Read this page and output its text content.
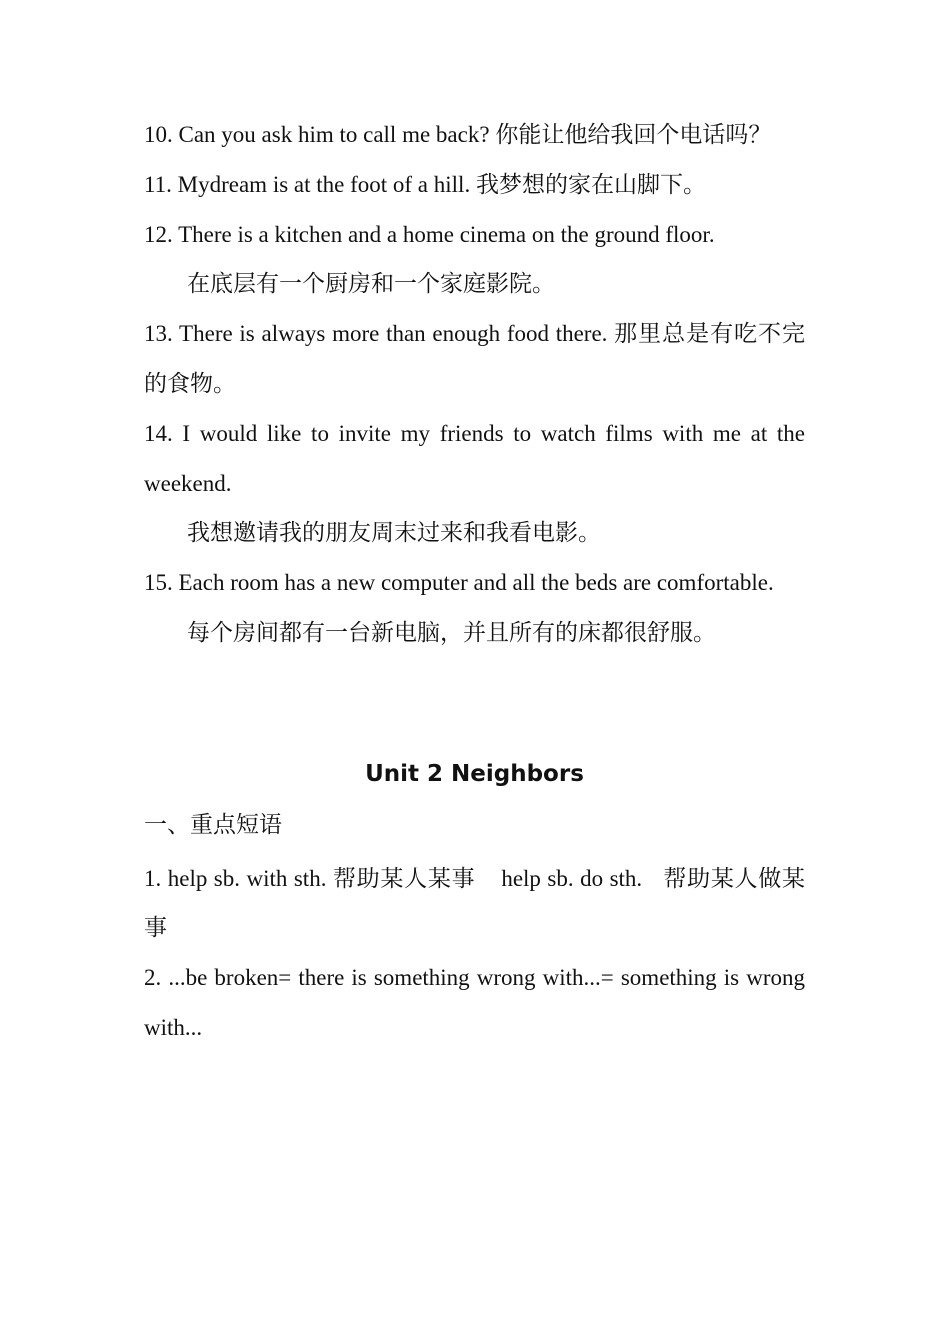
10. Can you ask him to call me back? 你能让他给我回个电话吗？

11. Mydream is at the foot of a hill. 我梦想的家在山脚下。

12. There is a kitchen and a home cinema on the ground floor.

在底层有一个厨房和一个家庭影院。

13. There is always more than enough food there. 那里总是有吃不完的食物。

14. I would like to invite my friends to watch films with me at the weekend.

我想邀请我的朋友周末过来和我看电影。

15. Each room has a new computer and all the beds are comfortable.

每个房间都有一台新电脑，并且所有的床都很舒服。

Unit 2 Neighbors

一、重点短语

1. help sb. with sth. 帮助某人某事 help sb. do sth. 帮助某人做某事

2. ...be broken= there is something wrong with...= something is wrong with...
